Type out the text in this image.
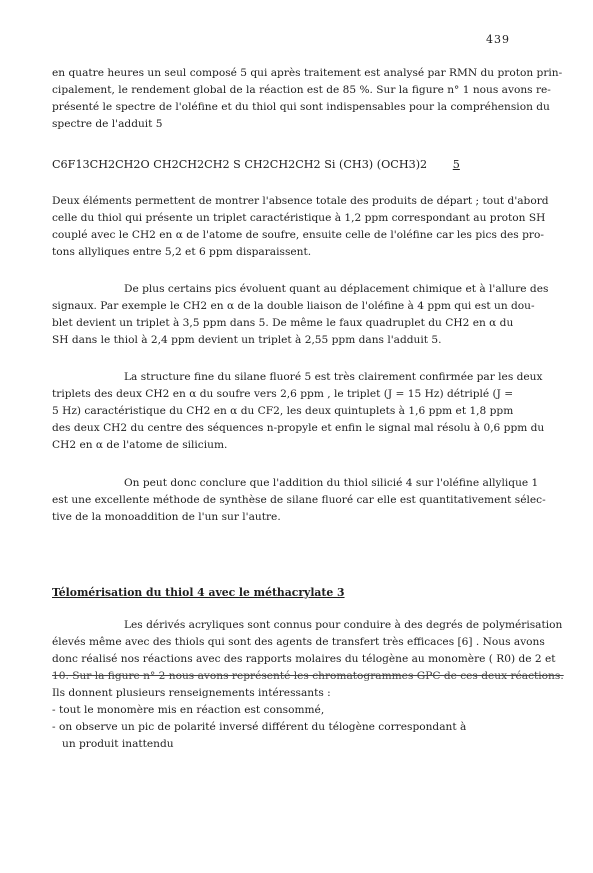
439
en quatre heures un seul composé 5 qui après traitement est analysé par RMN du proton prin-
cipalement, le rendement global de la réaction est de 85 %. Sur la figure n° 1 nous avons re-
présenté le spectre de l'oléfine et du thiol qui sont indispensables pour la compréhension du
spectre de l'adduit 5
C6F13CH2CH2O CH2CH2CH2 S CH2CH2CH2 Si (CH3) (OCH3)2 5
Deux éléments permettent de montrer l'absence totale des produits de départ ; tout d'abord
celle du thiol qui présente un triplet caractéristique à 1,2 ppm correspondant au proton SH
couplé avec le CH2 en α de l'atome de soufre, ensuite celle de l'oléfine car les pics des pro-
tons allyliques entre 5,2 et 6 ppm disparaissent.
De plus certains pics évoluent quant au déplacement chimique et à l'allure des
signaux. Par exemple le CH2 en α de la double liaison de l'oléfine à 4 ppm qui est un dou-
blet devient un triplet à 3,5 ppm dans 5. De même le faux quadruplet du CH2 en α du
SH dans le thiol à 2,4 ppm devient un triplet à 2,55 ppm dans l'adduit 5.
La structure fine du silane fluoré 5 est très clairement confirmée par les deux
triplets des deux CH2 en α du soufre vers 2,6 ppm , le triplet (J = 15 Hz) détriplé (J =
5 Hz) caractéristique du CH2 en α du CF2, les deux quintuplets à 1,6 ppm et 1,8 ppm
des deux CH2 du centre des séquences n-propyle et enfin le signal mal résolu à 0,6 ppm du
CH2 en α de l'atome de silicium.
On peut donc conclure que l'addition du thiol silicié 4 sur l'oléfine allylique 1
est une excellente méthode de synthèse de silane fluoré car elle est quantitativement sélec-
tive de la monoaddition de l'un sur l'autre.
Télomérisation du thiol 4 avec le méthacrylate 3
Les dérivés acryliques sont connus pour conduire à des degrés de polymérisation
élevés même avec des thiols qui sont des agents de transfert très efficaces [6] . Nous avons
donc réalisé nos réactions avec des rapports molaires du télogène au monomère ( R0) de 2 et
10. Sur la figure n° 2 nous avons représenté les chromatogrammes GPC de ces deux réactions.
Ils donnent plusieurs renseignements intéressants :
- tout le monomère mis en réaction est consommé,
- on observe un pic de polarité inversé différent du télogène correspondant à
un produit inattendu
